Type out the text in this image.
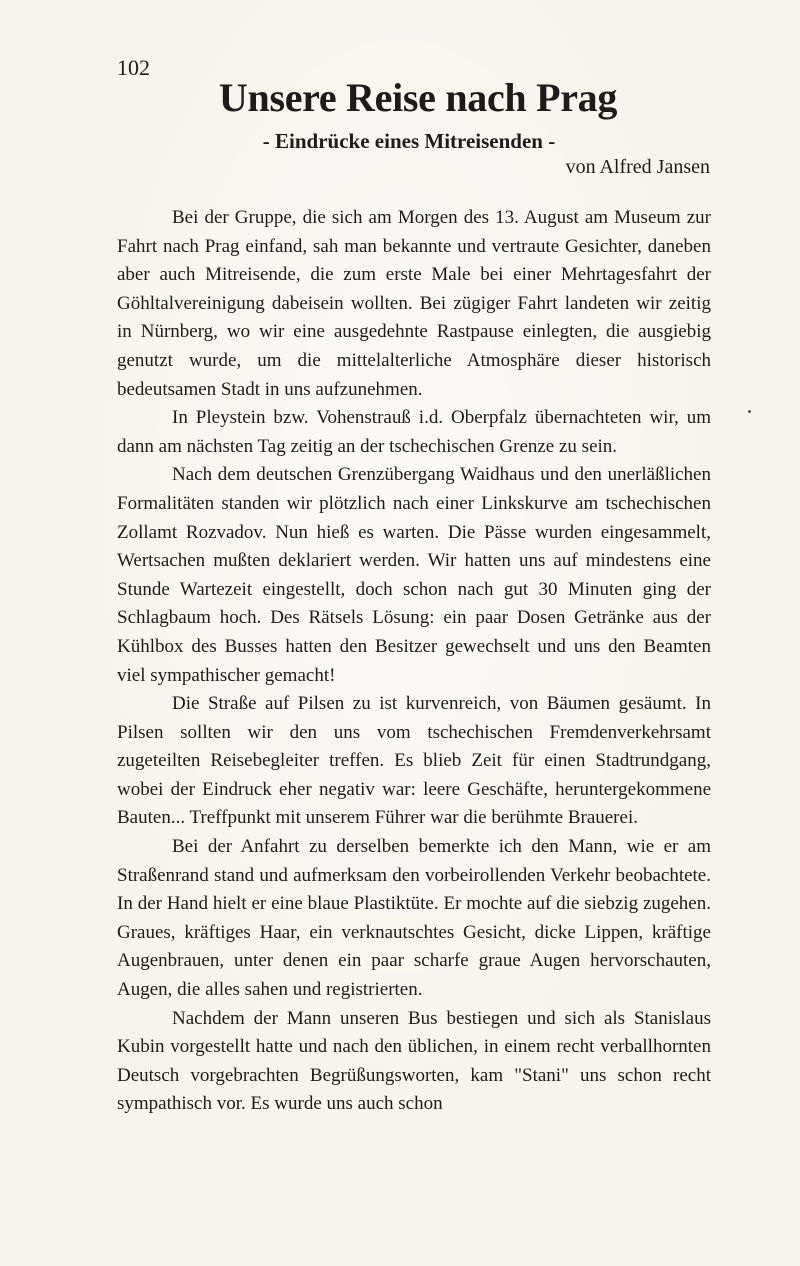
102
Unsere Reise nach Prag
- Eindrücke eines Mitreisenden -
von Alfred Jansen

Bei der Gruppe, die sich am Morgen des 13. August am Museum zur Fahrt nach Prag einfand, sah man bekannte und vertraute Gesichter, daneben aber auch Mitreisende, die zum erste Male bei einer Mehrtagesfahrt der Göhltalvereinigung dabeisein wollten. Bei zügiger Fahrt landeten wir zeitig in Nürnberg, wo wir eine ausgedehnte Rastpause einlegten, die ausgiebig genutzt wurde, um die mittelalterliche Atmosphäre dieser historisch bedeutsamen Stadt in uns aufzunehmen.

In Pleystein bzw. Vohenstrauß i.d. Oberpfalz übernachteten wir, um dann am nächsten Tag zeitig an der tschechischen Grenze zu sein.

Nach dem deutschen Grenzübergang Waidhaus und den unerläßlichen Formalitäten standen wir plötzlich nach einer Linkskurve am tschechischen Zollamt Rozvadov. Nun hieß es warten. Die Pässe wurden eingesammelt, Wertsachen mußten deklariert werden. Wir hatten uns auf mindestens eine Stunde Wartezeit eingestellt, doch schon nach gut 30 Minuten ging der Schlagbaum hoch. Des Rätsels Lösung: ein paar Dosen Getränke aus der Kühlbox des Busses hatten den Besitzer gewechselt und uns den Beamten viel sympathischer gemacht!

Die Straße auf Pilsen zu ist kurvenreich, von Bäumen gesäumt. In Pilsen sollten wir den uns vom tschechischen Fremdenverkehrsamt zugeteilten Reisebegleiter treffen. Es blieb Zeit für einen Stadtrundgang, wobei der Eindruck eher negativ war: leere Geschäfte, heruntergekommene Bauten... Treffpunkt mit unserem Führer war die berühmte Brauerei.

Bei der Anfahrt zu derselben bemerkte ich den Mann, wie er am Straßenrand stand und aufmerksam den vorbeirollenden Verkehr beobachtete. In der Hand hielt er eine blaue Plastiktüte. Er mochte auf die siebzig zugehen. Graues, kräftiges Haar, ein verknautschtes Gesicht, dicke Lippen, kräftige Augenbrauen, unter denen ein paar scharfe graue Augen hervorschauten, Augen, die alles sahen und registrierten.

Nachdem der Mann unseren Bus bestiegen und sich als Stanislaus Kubin vorgestellt hatte und nach den üblichen, in einem recht verballhornten Deutsch vorgebrachten Begrüßungsworten, kam "Stani" uns schon recht sympathisch vor. Es wurde uns auch schon
